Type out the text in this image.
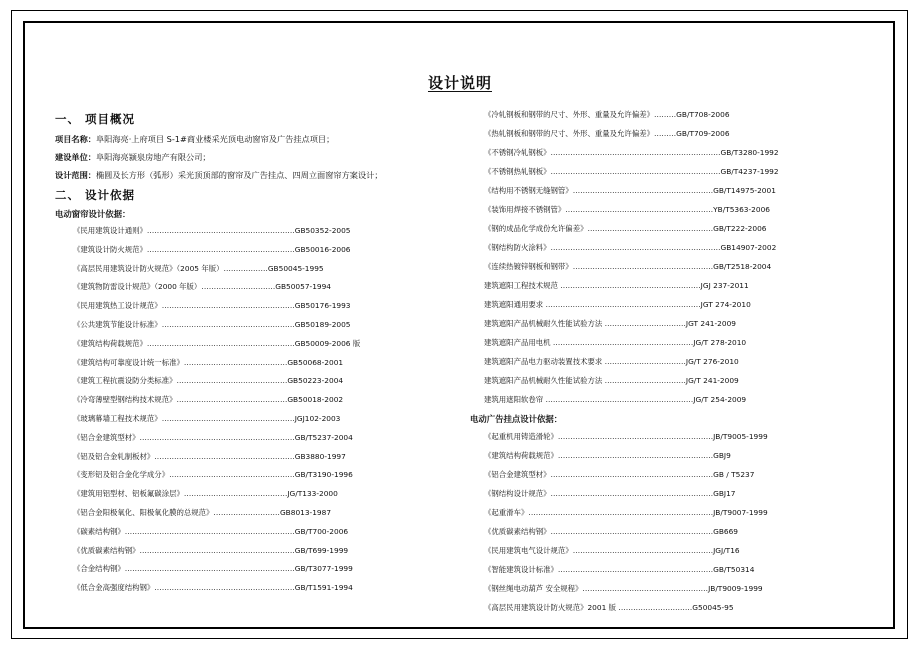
设计说明
一、 项目概况
项目名称：阜阳海亮·上府项目 S-1#商业楼采光顶电动窗帘及广告挂点项目；
建设单位：阜阳海亮颍泉房地产有限公司；
设计范围：椭圆及长方形（弧形）采光顶顶部的窗帘及广告挂点、四周立面窗帘方案设计；
二、 设计依据
电动窗帘设计依据：
《民用建筑设计通则》……………………………………………………GB50352-2005
《建筑设计防火规范》……………………………………………………GB50016-2006
《高层民用建筑设计防火规范》（2005 年版）………………GB50045-1995
《建筑物防雷设计规范》（2000 年版）…………………………GB50057-1994
《民用建筑热工设计规范》………………………………………………GB50176-1993
《公共建筑节能设计标准》………………………………………………GB50189-2005
《建筑结构荷载规范》……………………………………………………GB50009-2006 版
《建筑结构可靠度设计统一标准》……………………………………GB50068-2001
《建筑工程抗震设防分类标准》………………………………………GB50223-2004
《冷弯薄壁型钢结构技术规范》………………………………………GB50018-2002
《玻璃幕墙工程技术规范》………………………………………………JGJ102-2003
《铝合金建筑型材》………………………………………………………GB/T5237-2004
《铝及铝合金轧制板材》…………………………………………………GB3880-1997
《变形铝及铝合金化学成分》……………………………………………GB/T3190-1996
《建筑用铝型材、铝板氟碳涂层》……………………………………JG/T133-2000
《铝合金阳极氧化、阳极氧化膜的总规范》………………………GB8013-1987
《碳素结构钢》……………………………………………………………GB/T700-2006
《优质碳素结构钢》………………………………………………………GB/T699-1999
《合金结构钢》……………………………………………………………GB/T3077-1999
《低合金高强度结构钢》…………………………………………………GB/T1591-1994
《冷轧钢板和钢带的尺寸、外形、重量及允许偏差》………GB/T708-2006
《热轧钢板和钢带的尺寸、外形、重量及允许偏差》………GB/T709-2006
《不锈钢冷轧钢板》……………………………………………………………GB/T3280-1992
《不锈钢热轧钢板》……………………………………………………………GB/T4237-1992
《结构用不锈钢无缝钢管》…………………………………………………GB/T14975-2001
《装饰用焊接不锈钢管》……………………………………………………YB/T5363-2006
《钢的成品化学成份允许偏差》……………………………………………GB/T222-2006
《钢结构防火涂料》……………………………………………………………GB14907-2002
《连续热镀锌钢板和钢带》…………………………………………………GB/T2518-2004
建筑遮阳工程技术规范 …………………………………………………JGJ 237-2011
建筑遮阳通用要求 ………………………………………………………JGT 274-2010
建筑遮阳产品机械耐久性能试验方法 ……………………………JGT 241-2009
建筑遮阳产品用电机 …………………………………………………JG/T 278-2010
建筑遮阳产品电力驱动装置技术要求 ……………………………JG/T 276-2010
建筑遮阳产品机械耐久性能试验方法 ……………………………JG/T 241-2009
建筑用遮阳软卷帘 ……………………………………………………JG/T 254-2009
电动广告挂点设计依据：
《起重机用铸造滑轮》………………………………………………………JB/T9005-1999
《建筑结构荷载规范》………………………………………………………GBJ9
《铝合金建筑型材》…………………………………………………………GB / T5237
《钢结构设计规范》…………………………………………………………GBJ17
《起重滑车》…………………………………………………………………JB/T9007-1999
《优质碳素结构钢》…………………………………………………………GB669
《民用建筑电气设计规范》…………………………………………………JGJ/T16
《智能建筑设计标准》………………………………………………………GB/T50314
《钢丝绳电动葫芦 安全规程》……………………………………………JB/T9009-1999
《高层民用建筑设计防火规范》2001 版 …………………………G50045-95
